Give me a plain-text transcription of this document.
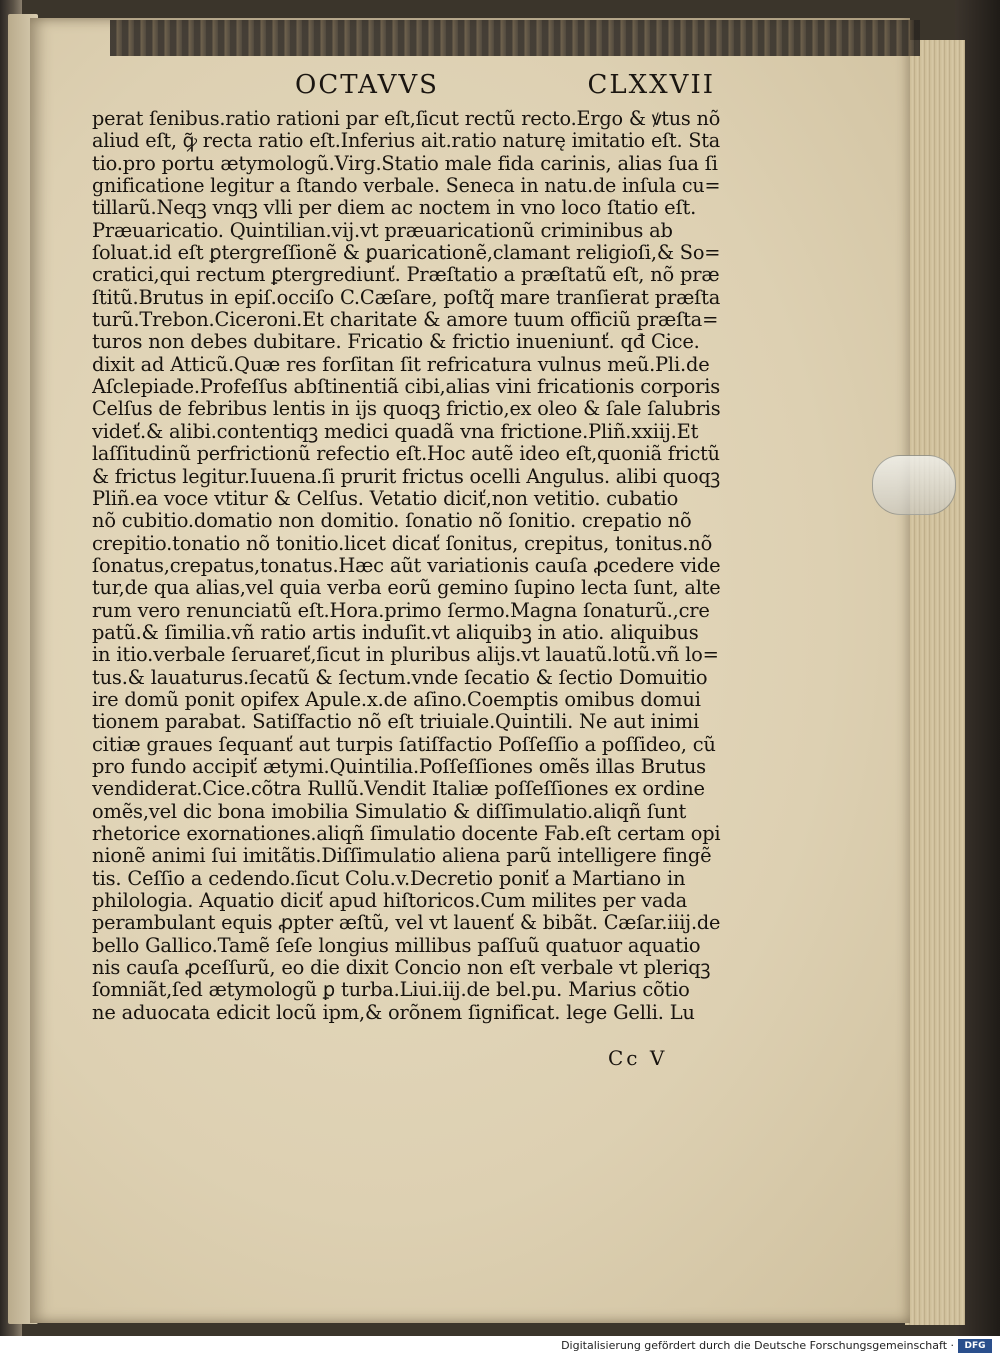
OCTAVVS	CLXXVII
perat ſenibus.ratio rationi par eſt,ſicut rectũ recto.Ergo & ꝟtus nõ
aliud eſt, ꝙ̃ recta ratio eſt.Inferius ait.ratio naturę imitatio eſt. Sta
tio.pro portu ætymologũ.Virg.Statio male fida carinis, alias ſua ſi
gnificatione legitur a ſtando verbale. Seneca in natu.de inſula cu=
tillarũ.Neqꝫ vnqꝫ vlli per diem ac noctem in vno loco ſtatio eſt.
Præuaricatio. Quintilian.vij.vt præuaricationũ criminibus ab
ſoluat.id eſt ꝑtergreſſionẽ & ꝑuaricationẽ,clamant religioſi,& So=
cratici,qui rectum ꝑtergrediunť. Præſtatio a præſtatũ eſt, nõ præ
ſtitũ.Brutus in epiſ.occiſo C.Cæſare, poſtq̃ mare tranſierat præſta
turũ.Trebon.Ciceroni.Et charitate & amore tuum officiũ præſta=
turos non debes dubitare. Fricatio & frictio inueniunť. qđ Cice.
dixit ad Atticũ.Quæ res forſitan ſit refricatura vulnus meũ.Pli.de
Aſclepiade.Profeſſus abſtinentiã cibi,alias vini fricationis corporis
Celſus de febribus lentis in ijs quoqꝫ frictio,ex oleo & ſale ſalubris
videť.& alibi.contentiqꝫ medici quadã vna frictione.Pliñ.xxiij.Et
laſſitudinũ perfrictionũ refectio eſt.Hoc autẽ ideo eſt,quoniã frictũ
& frictus legitur.Iuuena.ſi prurit frictus ocelli Angulus. alibi quoqꝫ
Pliñ.ea voce vtitur & Celſus. Vetatio diciť,non vetitio. cubatio
nõ cubitio.domatio non domitio. ſonatio nõ ſonitio. crepatio nõ
crepitio.tonatio nõ tonitio.licet dicať ſonitus, crepitus, tonitus.nõ
ſonatus,crepatus,tonatus.Hæc aũt variationis cauſa ꝓcedere vide
tur,de qua alias,vel quia verba eorũ gemino ſupino lecta ſunt, alte
rum vero renunciatũ eſt.Hora.primo ſermo.Magna ſonaturũ.,cre
patũ.& ſimilia.vñ ratio artis induſit.vt aliquibꝫ in atio. aliquibus
in itio.verbale ſeruareť,ſicut in pluribus alijs.vt lauatũ.lotũ.vñ lo=
tus.& lauaturus.ſecatũ & ſectum.vnde ſecatio & ſectio Domuitio
ire domũ ponit opifex Apule.x.de aſino.Coemptis omibus domui
tionem parabat. Satiſfactio nõ eſt triuiale.Quintili. Ne aut inimi
citiæ graues ſequanť aut turpis ſatiſfactio Poſſeſſio a poſſideo, cũ
pro fundo accipiť ætymi.Quintilia.Poſſeſſiones omẽs illas Brutus
vendiderat.Cice.cõtra Rullũ.Vendit Italiæ poſſeſſiones ex ordine
omẽs,vel dic bona imobilia Simulatio & diſſimulatio.aliqñ ſunt
rhetorice exornationes.aliqñ ſimulatio docente Fab.eſt certam opi
nionẽ animi ſui imitãtis.Diſſimulatio aliena parũ intelligere fingẽ
tis. Ceſſio a cedendo.ſicut Colu.v.Decretio poniť a Martiano in
philologia. Aquatio diciť apud hiſtoricos.Cum milites per vada
perambulant equis ꝓpter æſtũ, vel vt lauenť & bibãt. Cæſar.iiij.de
bello Gallico.Tamẽ ſeſe longius millibus paſſuũ quatuor aquatio
nis cauſa ꝓceſſurũ, eo die dixit Concio non eſt verbale vt pleriqꝫ
ſomniãt,ſed ætymologũ ꝑ turba.Liui.iij.de bel.pu. Marius cõtio
ne aduocata edicit locũ ipm,& orõnem ſignificat. lege Gelli. Lu
Cc V
Digitalisierung gefördert durch die Deutsche Forschungsgemeinschaft ·	DFG
